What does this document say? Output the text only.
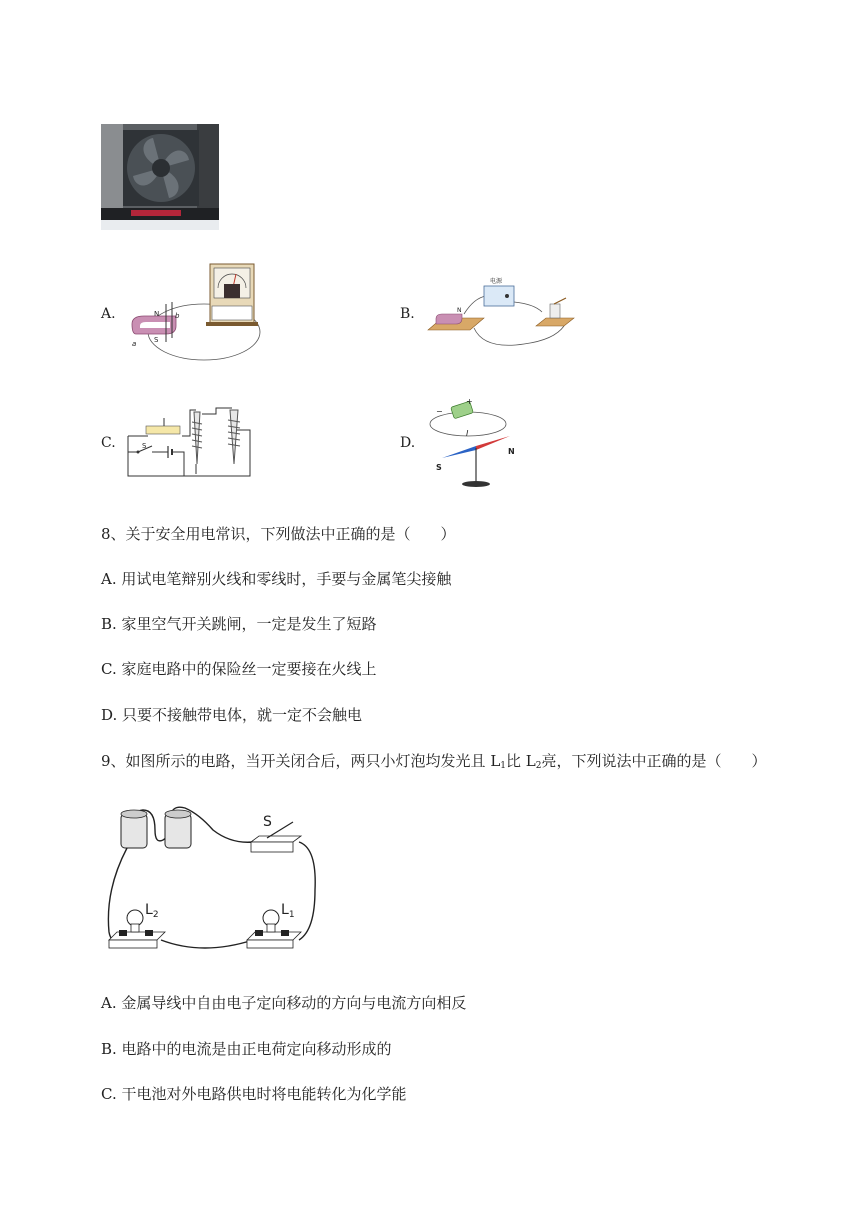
A.	N
S
a
b	B.
电源
N
C.	S	D.
−
+
I
S
N
8、关于安全用电常识，下列做法中正确的是（　　）
A. 用试电笔辩别火线和零线时，手要与金属笔尖接触
B. 家里空气开关跳闸，一定是发生了短路
C. 家庭电路中的保险丝一定要接在火线上
D. 只要不接触带电体，就一定不会触电
9、如图所示的电路，当开关闭合后，两只小灯泡均发光且 $L_1$比 $L_2$亮，下列说法中正确的是（　　）
S
$L_2$	$L_1$
A. 金属导线中自由电子定向移动的方向与电流方向相反
B. 电路中的电流是由正电荷定向移动形成的
C. 干电池对外电路供电时将电能转化为化学能
